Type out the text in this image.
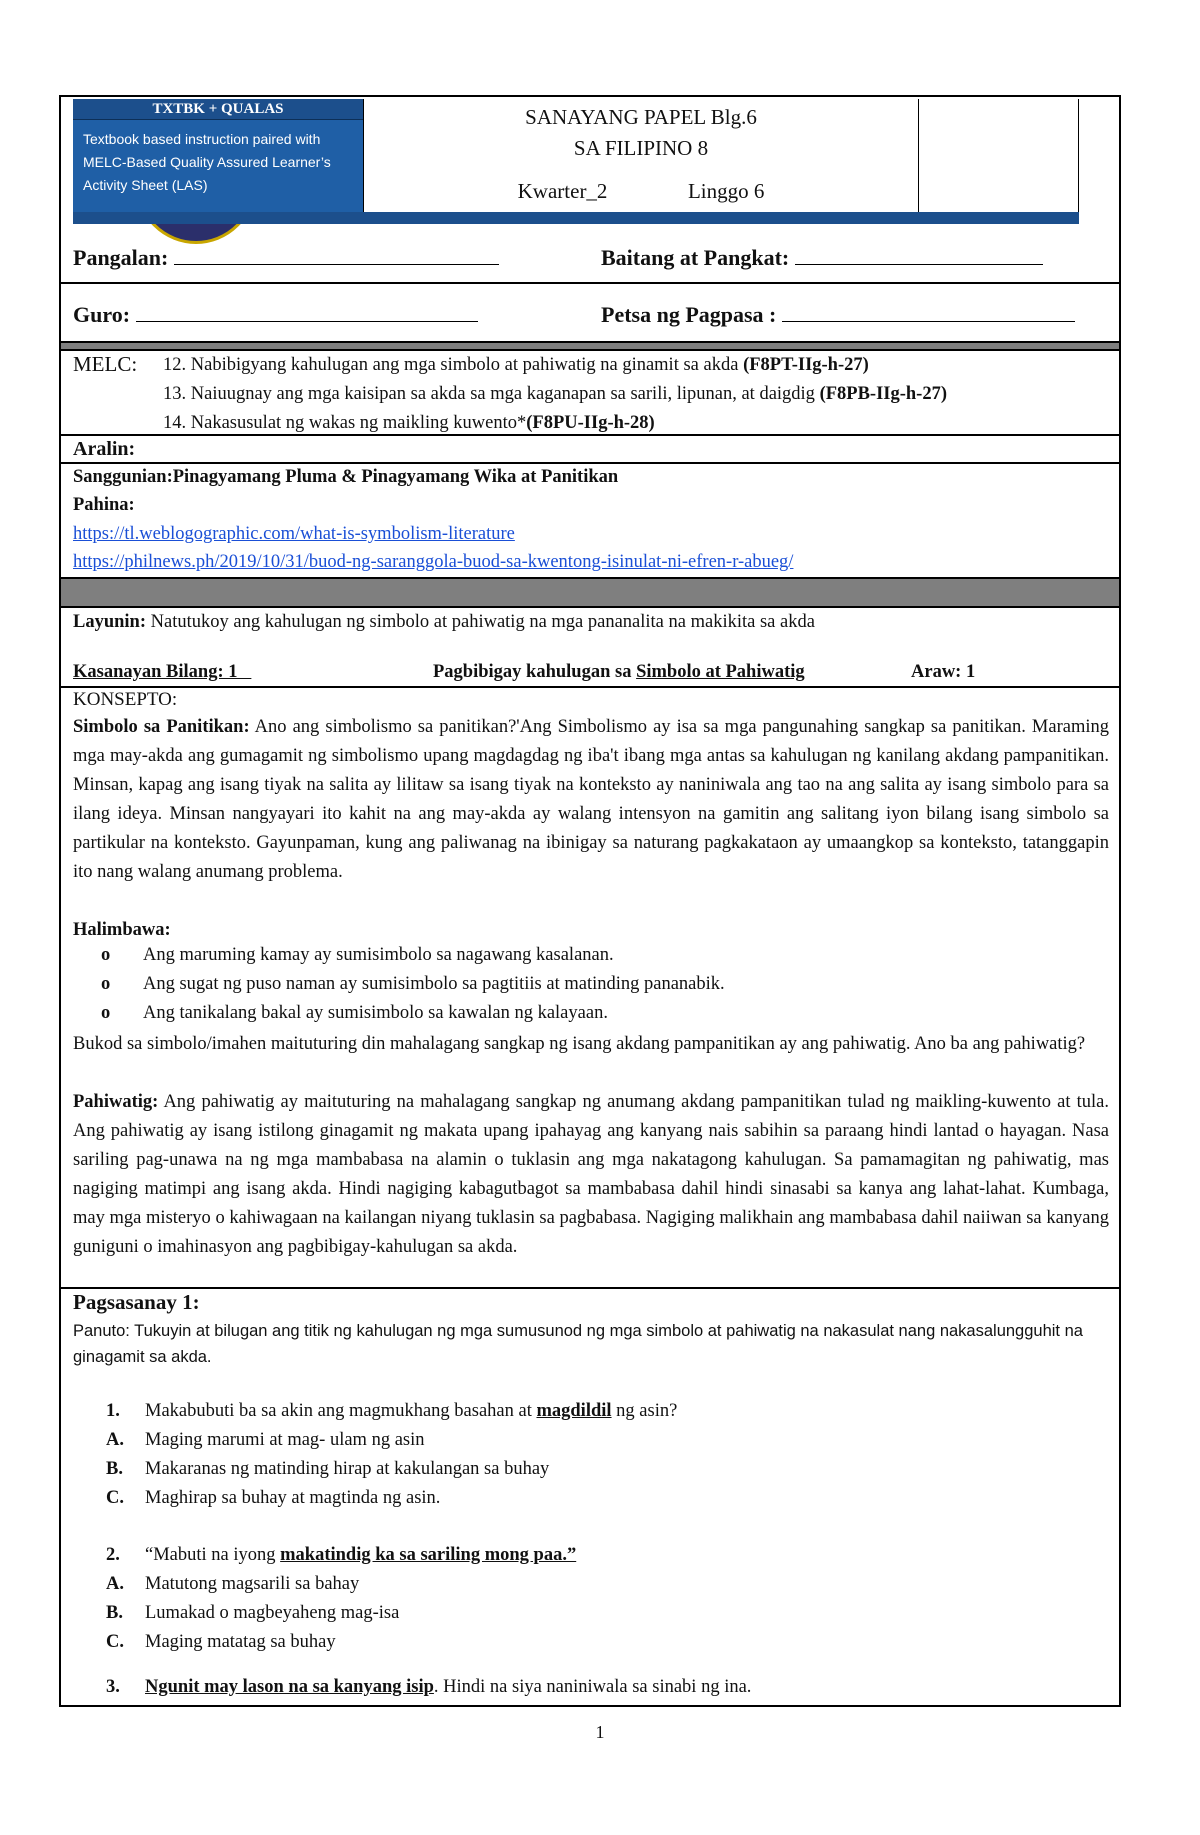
TXTBK + QUALAS
Textbook based instruction paired with MELC-Based Quality Assured Learner’s Activity Sheet (LAS)
SANAYANG PAPEL Blg.6
SA FILIPINO 8
Kwarter_2	Linggo 6
Pangalan:	Baitang at Pangkat:
Guro:	Petsa ng Pagpasa :
MELC: 12. Nabibigyang kahulugan ang mga simbolo at pahiwatig na ginamit sa akda (F8PT-IIg-h-27)
13. Naiuugnay ang mga kaisipan sa akda sa mga kaganapan sa sarili, lipunan, at daigdig (F8PB-IIg-h-27)
14. Nakasusulat ng wakas ng maikling kuwento*(F8PU-IIg-h-28)
Aralin:
Sanggunian:Pinagyamang Pluma & Pinagyamang Wika at Panitikan
Pahina:
https://tl.weblogographic.com/what-is-symbolism-literature
https://philnews.ph/2019/10/31/buod-ng-saranggola-buod-sa-kwentong-isinulat-ni-efren-r-abueg/
Layunin: Natutukoy ang kahulugan ng simbolo at pahiwatig na mga pananalita na makikita sa akda
Kasanayan Bilang: 1	Pagbibigay kahulugan sa Simbolo at Pahiwatig	Araw: 1
KONSEPTO:
Simbolo sa Panitikan: Ano ang simbolismo sa panitikan?'Ang Simbolismo ay isa sa mga pangunahing sangkap sa panitikan. Maraming mga may-akda ang gumagamit ng simbolismo upang magdagdag ng iba't ibang mga antas sa kahulugan ng kanilang akdang pampanitikan. Minsan, kapag ang isang tiyak na salita ay lilitaw sa isang tiyak na konteksto ay naniniwala ang tao na ang salita ay isang simbolo para sa ilang ideya. Minsan nangyayari ito kahit na ang may-akda ay walang intensyon na gamitin ang salitang iyon bilang isang simbolo sa partikular na konteksto. Gayunpaman, kung ang paliwanag na ibinigay sa naturang pagkakataon ay umaangkop sa konteksto, tatanggapin ito nang walang anumang problema.
Halimbawa:
o Ang maruming kamay ay sumisimbolo sa nagawang kasalanan.
o Ang sugat ng puso naman ay sumisimbolo sa pagtitiis at matinding pananabik.
o Ang tanikalang bakal ay sumisimbolo sa kawalan ng kalayaan.
Bukod sa simbolo/imahen maituturing din mahalagang sangkap ng isang akdang pampanitikan ay ang pahiwatig. Ano ba ang pahiwatig?
Pahiwatig: Ang pahiwatig ay maituturing na mahalagang sangkap ng anumang akdang pampanitikan tulad ng maikling-kuwento at tula. Ang pahiwatig ay isang istilong ginagamit ng makata upang ipahayag ang kanyang nais sabihin sa paraang hindi lantad o hayagan. Nasa sariling pag-unawa na ng mga mambabasa na alamin o tuklasin ang mga nakatagong kahulugan. Sa pamamagitan ng pahiwatig, mas nagiging matimpi ang isang akda. Hindi nagiging kabagutbagot sa mambabasa dahil hindi sinasabi sa kanya ang lahat-lahat. Kumbaga, may mga misteryo o kahiwagaan na kailangan niyang tuklasin sa pagbabasa. Nagiging malikhain ang mambabasa dahil naiiwan sa kanyang guniguni o imahinasyon ang pagbibigay-kahulugan sa akda.
Pagsasanay 1:
Panuto: Tukuyin at bilugan ang titik ng kahulugan ng mga sumusunod ng mga simbolo at pahiwatig na nakasulat nang nakasalungguhit na ginagamit sa akda.
1. Makabubuti ba sa akin ang magmukhang basahan at magdildil ng asin?
A. Maging marumi at mag- ulam ng asin
B. Makaranas ng matinding hirap at kakulangan sa buhay
C. Maghirap sa buhay at magtinda ng asin.
2. “Mabuti na iyong makatindig ka sa sariling mong paa.”
A. Matutong magsarili sa bahay
B. Lumakad o magbeyaheng mag-isa
C. Maging matatag sa buhay
3. Ngunit may lason na sa kanyang isip. Hindi na siya naniniwala sa sinabi ng ina.
1
